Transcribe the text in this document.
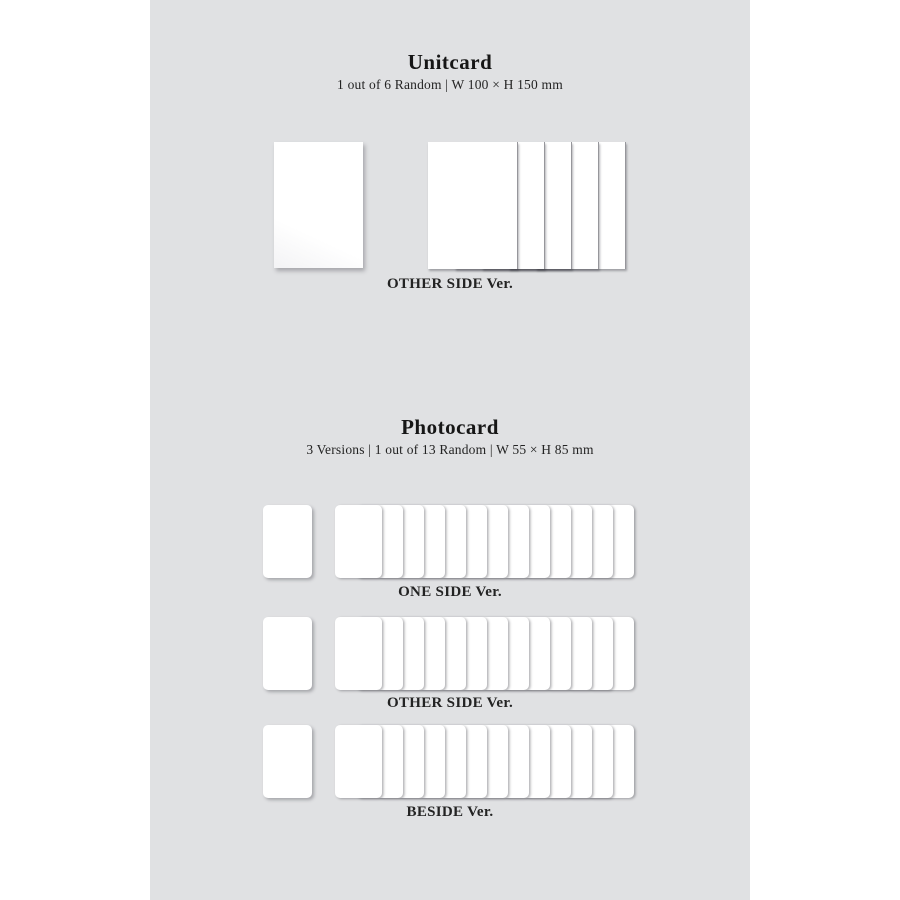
Unitcard

1 out of 6 Random | W 100 × H 150 mm

OTHER SIDE Ver.

Photocard

3 Versions | 1 out of 13 Random | W 55 × H 85 mm

ONE SIDE Ver.

OTHER SIDE Ver.

BESIDE Ver.
